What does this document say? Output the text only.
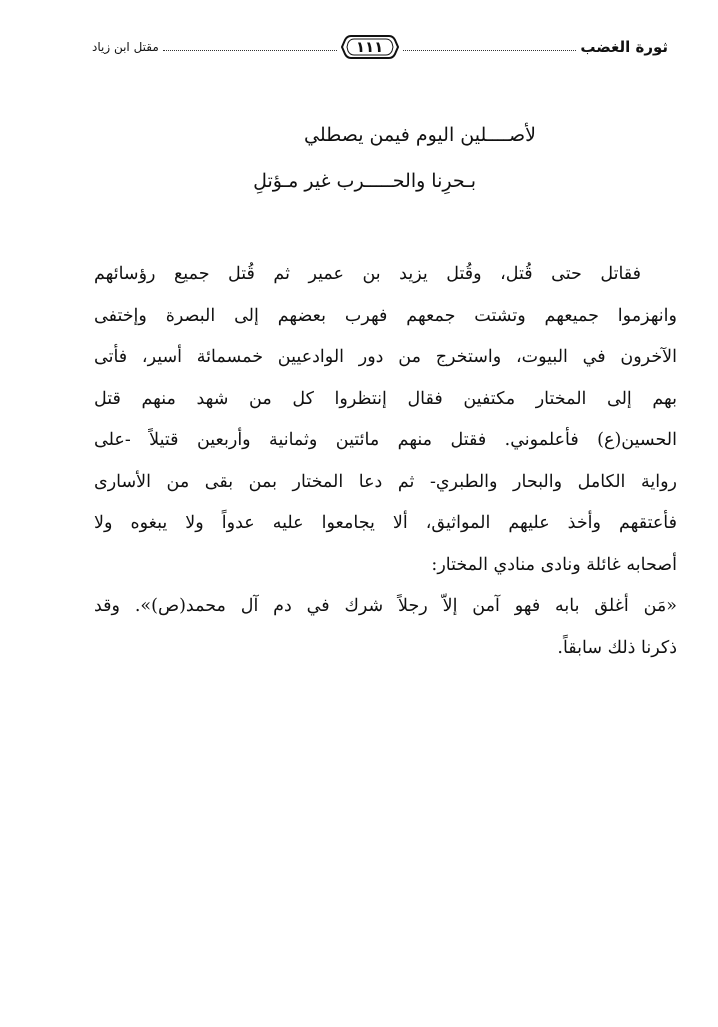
ثورة الغضب
١١١
مقتل ابن زياد
لأصــــلين اليوم فيمن يصطلي
بـحرِنا والحـــــرب غير مـؤتلِ
فقاتل حتى قُتل، وقُتل يزيد بن عمير ثم قُتل جميع رؤسائهم
وانهزموا جميعهم وتشتت جمعهم فهرب بعضهم إلى البصرة وإختفى
الآخرون في البيوت، واستخرج من دور الوادعيين خمسمائة أسير، فأتى
بهم إلى المختار مكتفين فقال إنتظروا كل من شهد منهم قتل
الحسين(ع) فأعلموني. فقتل منهم مائتين وثمانية وأربعين قتيلاً -على
رواية الكامل والبحار والطبري- ثم دعا المختار بمن بقى من الأسارى
فأعتقهم وأخذ عليهم المواثيق، ألا يجامعوا عليه عدواً ولا يبغوه ولا
أصحابه غائلة ونادى منادي المختار:
«مَن أغلق بابه فهو آمن إلاّ رجلاً شرك في دم آل محمد(ص)». وقد
ذكرنا ذلك سابقاً.
